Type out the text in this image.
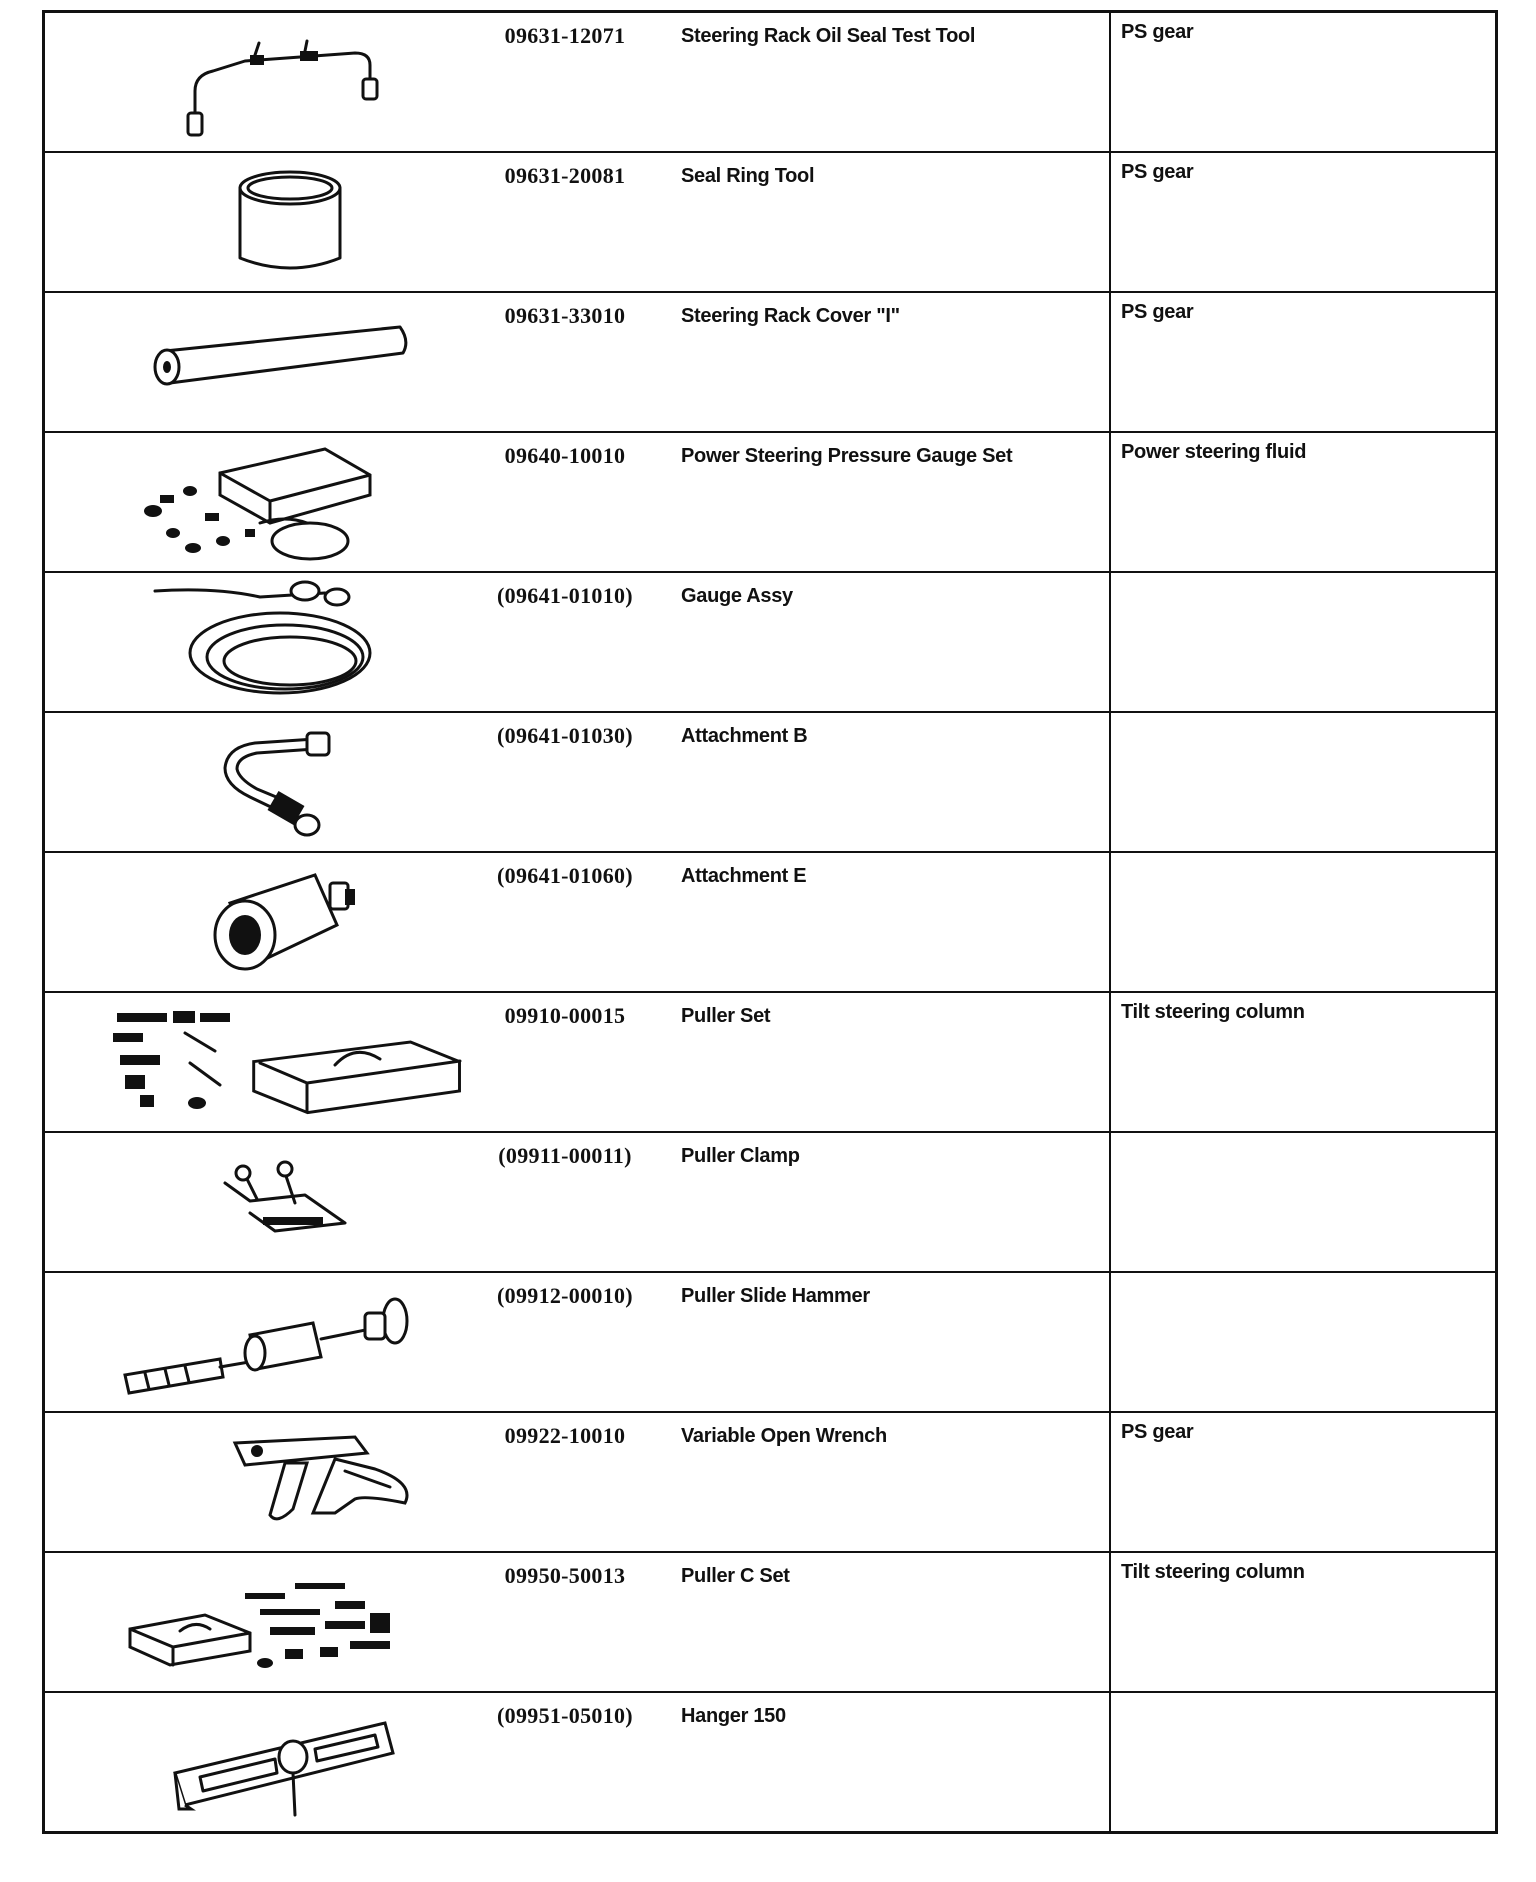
09631-12071 Steering Rack Oil Seal Test Tool	PS gear

09631-20081 Seal Ring Tool	PS gear

09631-33010 Steering Rack Cover "I"	PS gear

09640-10010 Power Steering Pressure Gauge Set	Power steering fluid

(09641-01010) Gauge Assy	

(09641-01030) Attachment B	

(09641-01060) Attachment E	

09910-00015 Puller Set	Tilt steering column

(09911-00011) Puller Clamp	

(09912-00010) Puller Slide Hammer	

09922-10010 Variable Open Wrench	PS gear

09950-50013 Puller C Set	Tilt steering column

(09951-05010) Hanger 150	
